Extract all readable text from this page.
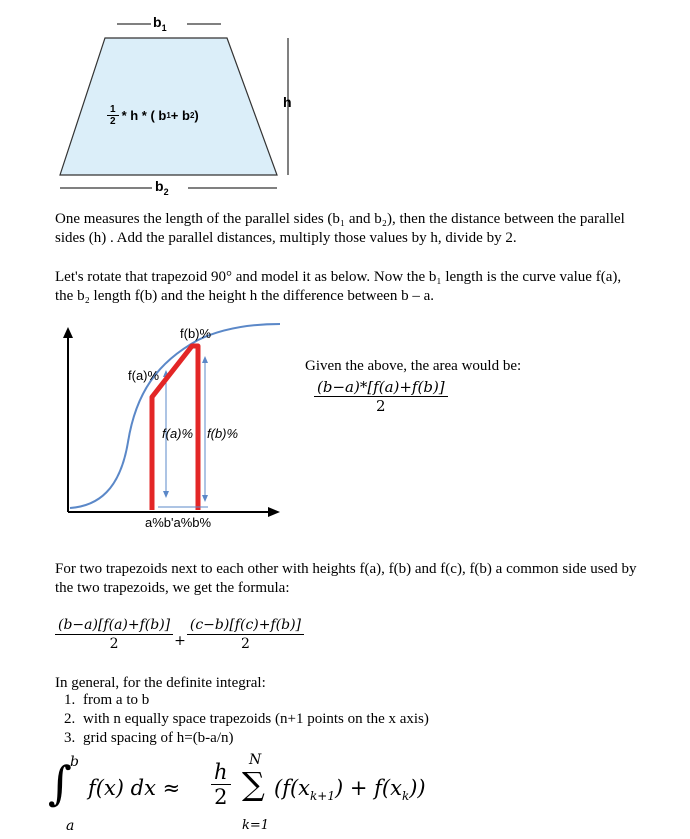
$b_1$
h
$b_2$
$\frac{1}{2}$ * h * ( b 1 + b 2 )
One measures the length of the parallel sides (b₁ and b₂), then the distance between the parallel sides (h) . Add the parallel distances, multiply those values by h, divide by 2.
Let's rotate that trapezoid 90° and model it as below. Now the b₁ length is the curve value f(a), the b₂ length f(b) and the height h the difference between b – a.
f(b)%
f(a)%
f(a)% f(b)%
a%b'a%b%
Given the above, the area would be:
$\frac{(b-a)*[f(a)+f(b)]}{2}$
For two trapezoids next to each other with heights f(a), f(b) and f(c), f(b) a common side used by the two trapezoids, we get the formula:
$\frac{(b-a)[f(a)+f(b)]}{2} + \frac{(c-b)[f(c)+f(b)]}{2}$
In general, for the definite integral:
1. from a to b
2. with n equally space trapezoids (n+1 points on the x axis)
3. grid spacing of h=(b-a/n)
∫
b
a
f(x) dx ≈ $\frac{h}{2}$ N
∑
k=1
$(f(x_{k+1}) + f(x_k))$
